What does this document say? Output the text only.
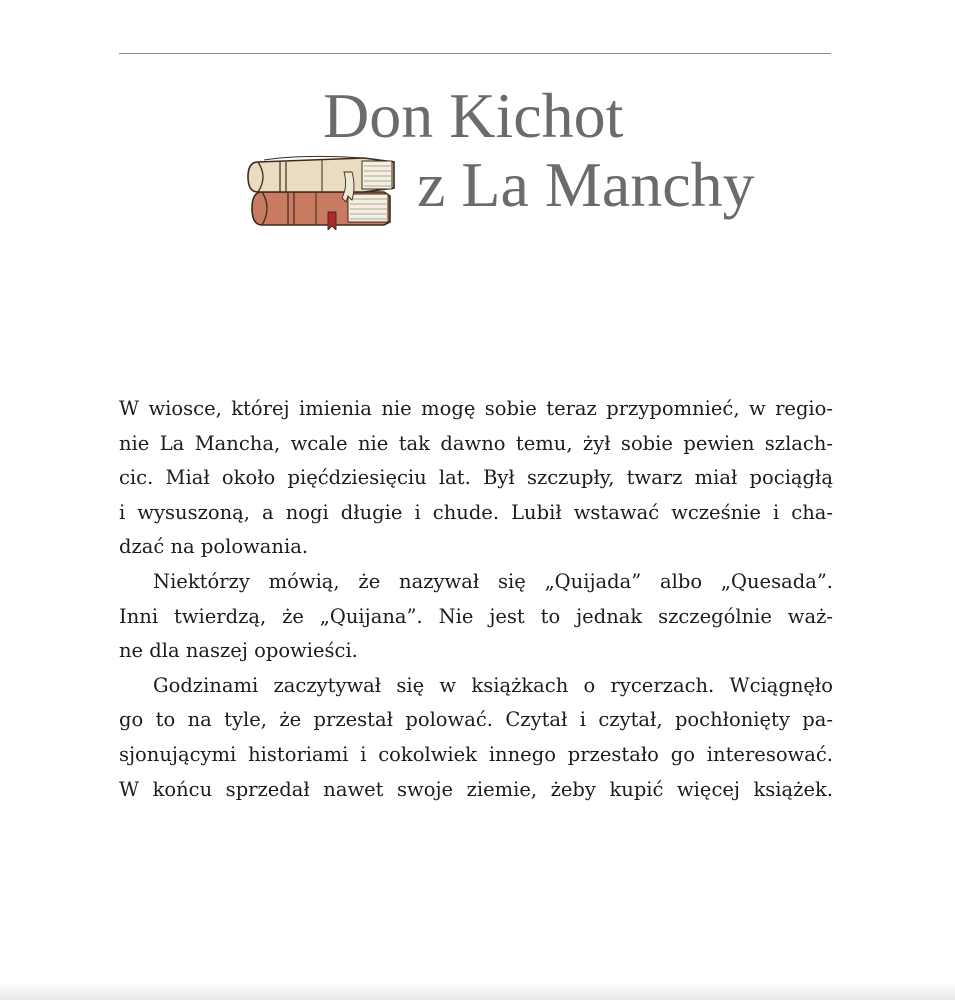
Don Kichot
z La Manchy

W wiosce, której imienia nie mogę sobie teraz przypomnieć, w regio-
nie La Mancha, wcale nie tak dawno temu, żył sobie pewien szlach-
cic. Miał około pięćdziesięciu lat. Był szczupły, twarz miał pociągłą
i wysuszoną, a nogi długie i chude. Lubił wstawać wcześnie i cha-
dzać na polowania.

Niektórzy mówią, że nazywał się „Quijada” albo „Quesada”.
Inni twierdzą, że „Quijana”. Nie jest to jednak szczególnie waż-
ne dla naszej opowieści.

Godzinami zaczytywał się w książkach o rycerzach. Wciągnęło
go to na tyle, że przestał polować. Czytał i czytał, pochłonięty pa-
sjonującymi historiami i cokolwiek innego przestało go interesować.
W końcu sprzedał nawet swoje ziemie, żeby kupić więcej książek.
